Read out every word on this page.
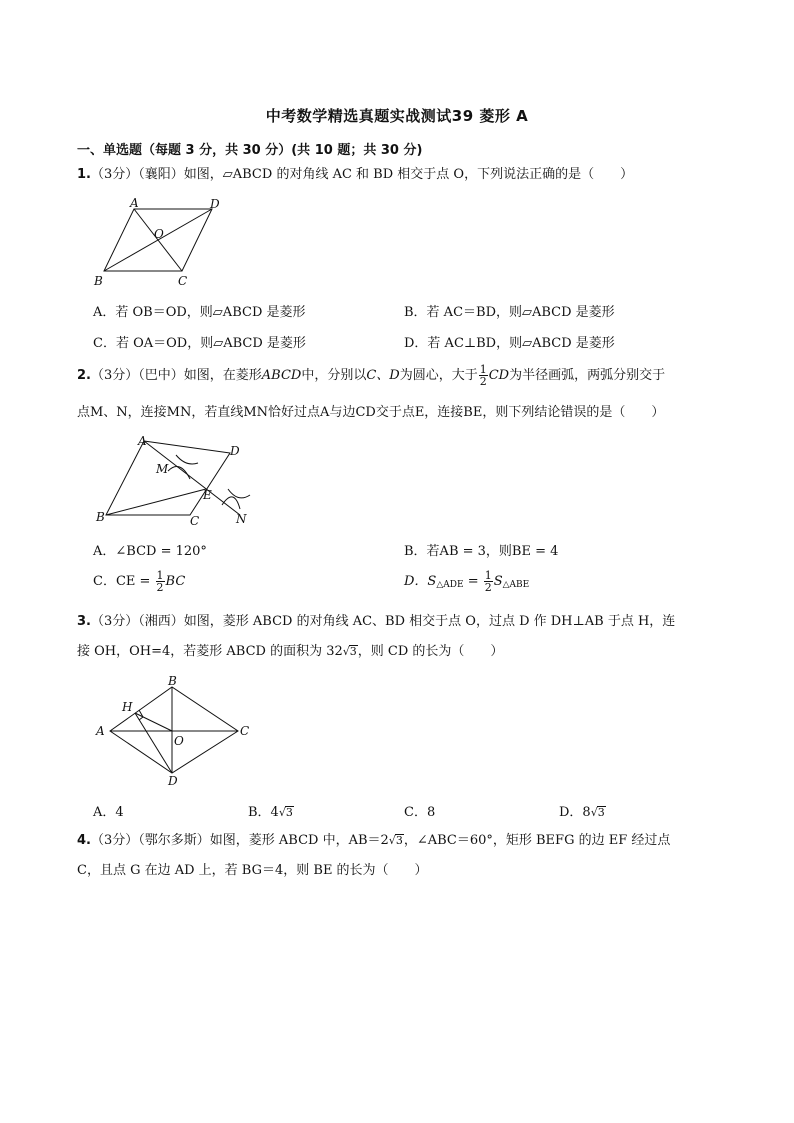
中考数学精选真题实战测试39 菱形 A
一、单选题（每题 3 分，共 30 分）(共 10 题；共 30 分)
1.（3分）（襄阳）如图，▱ABCD 的对角线 AC 和 BD 相交于点 O，下列说法正确的是（　　）
A	D
O
B	C
A．若 OB＝OD，则▱ABCD 是菱形	B．若 AC＝BD，则▱ABCD 是菱形
C．若 OA＝OD，则▱ABCD 是菱形	D．若 AC⊥BD，则▱ABCD 是菱形
2.（3分）（巴中）如图，在菱形ABCD中，分别以C、D为圆心，大于 $\frac{1}{2}$ CD为半径画弧，两弧分别交于
点M、N，连接MN，若直线MN恰好过点A与边CD交于点E，连接BE，则下列结论错误的是（　　）
A
D
M
E
B	C	N
A．∠BCD = 120°	B．若AB = 3，则BE = 4
C．CE = $\frac{1}{2}$ BC	D．$S_{\triangle ADE} = \frac{1}{2} S_{\triangle ABE}$
3.（3分）（湘西）如图，菱形 ABCD 的对角线 AC、BD 相交于点 O，过点 D 作 DH⊥AB 于点 H，连
接 OH，OH=4，若菱形 ABCD 的面积为 32√3，则 CD 的长为（　　）
H
B
A	C
O
D
A．4	B．4√3	C．8	D．8√3
4.（3分）（鄂尔多斯）如图，菱形 ABCD 中，AB＝2√3，∠ABC＝60°，矩形 BEFG 的边 EF 经过点
C，且点 G 在边 AD 上，若 BG＝4，则 BE 的长为（　　）
